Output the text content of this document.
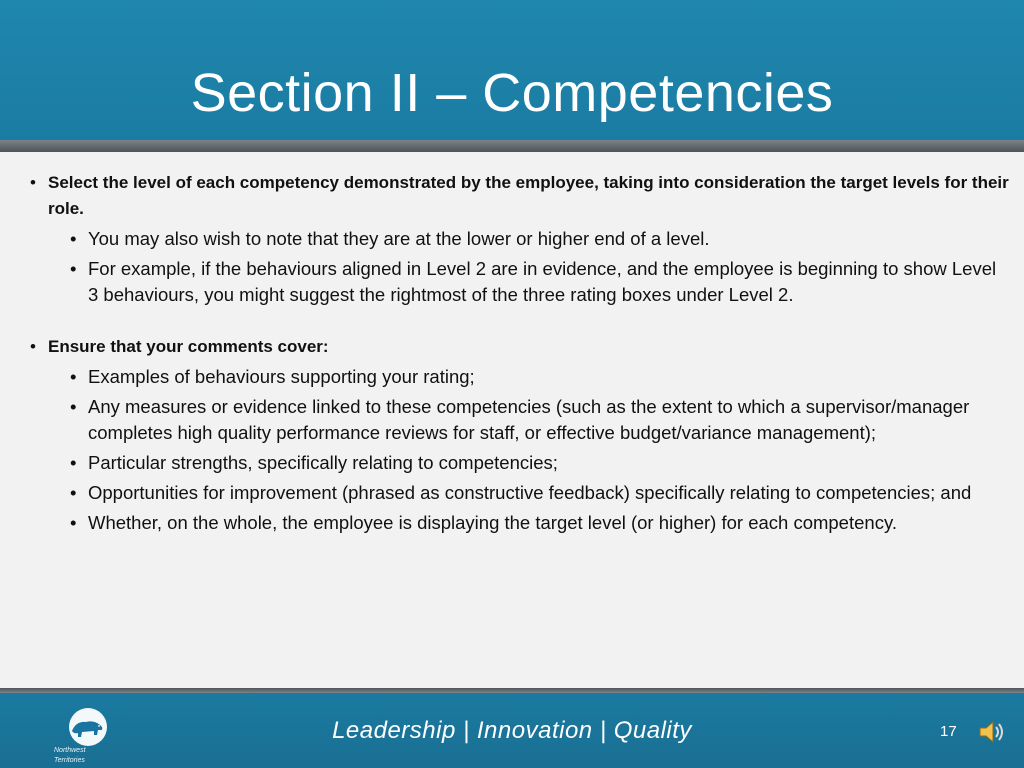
Section II – Competencies
• Select the level of each competency demonstrated by the employee, taking into consideration the target levels for their role.
• You may also wish to note that they are at the lower or higher end of a level.
• For example, if the behaviours aligned in Level 2 are in evidence, and the employee is beginning to show Level 3 behaviours, you might suggest the rightmost of the three rating boxes under Level 2.
• Ensure that your comments cover:
• Examples of behaviours supporting your rating;
• Any measures or evidence linked to these competencies (such as the extent to which a supervisor/manager completes high quality performance reviews for staff, or effective budget/variance management);
• Particular strengths, specifically relating to competencies;
• Opportunities for improvement (phrased as constructive feedback) specifically relating to competencies; and
• Whether, on the whole, the employee is displaying the target level (or higher) for each competency.
Northwest
Territories
Leadership | Innovation | Quality	17
